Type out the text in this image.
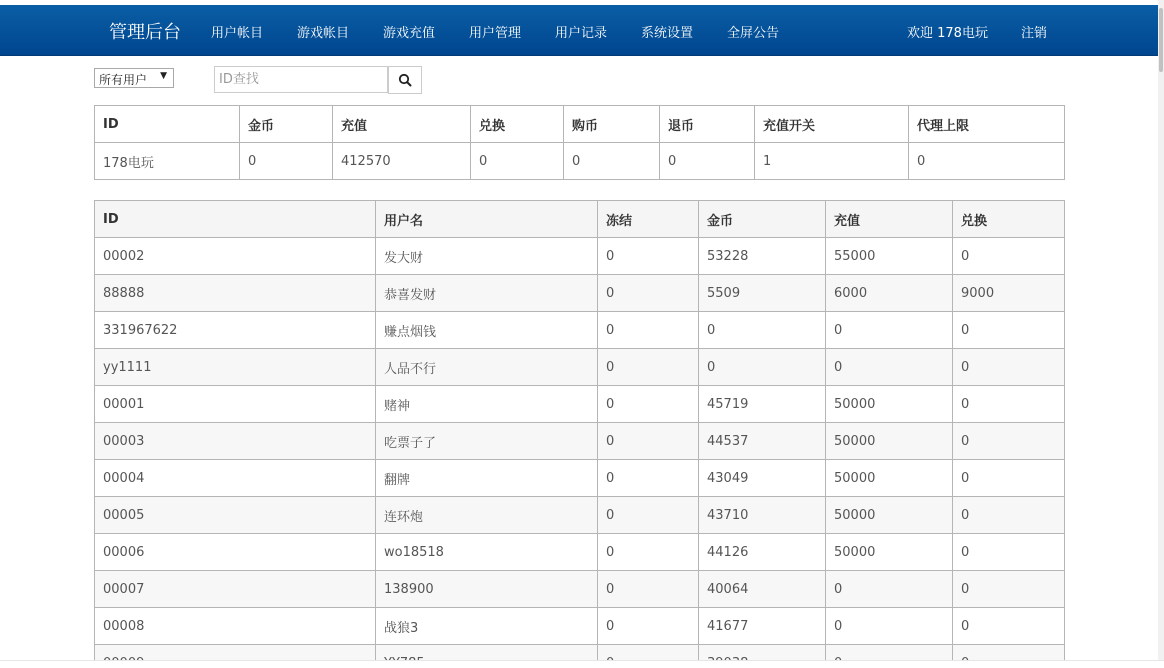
管理后台 用户帐目	游戏帐目	游戏充值	用户管理	用户记录	系统设置	全屏公告	欢迎 178电玩	注销
所有用户 ▼
ID查找
ID	金币	充值	兑换	购币	退币	充值开关	代理上限
178电玩	0	412570	0	0	0	1	0
ID	用户名	冻结	金币	充值	兑换
00002	发大财	0	53228	55000	0
88888	恭喜发财	0	5509	6000	9000
331967622	赚点烟钱	0	0	0	0
yy1111	人品不行	0	0	0	0
00001	赌神	0	45719	50000	0
00003	吃票子了	0	44537	50000	0
00004	翻牌	0	43049	50000	0
00005	连环炮	0	43710	50000	0
00006	wo18518	0	44126	50000	0
00007	138900	0	40064	0	0
00008	战狼3	0	41677	0	0
